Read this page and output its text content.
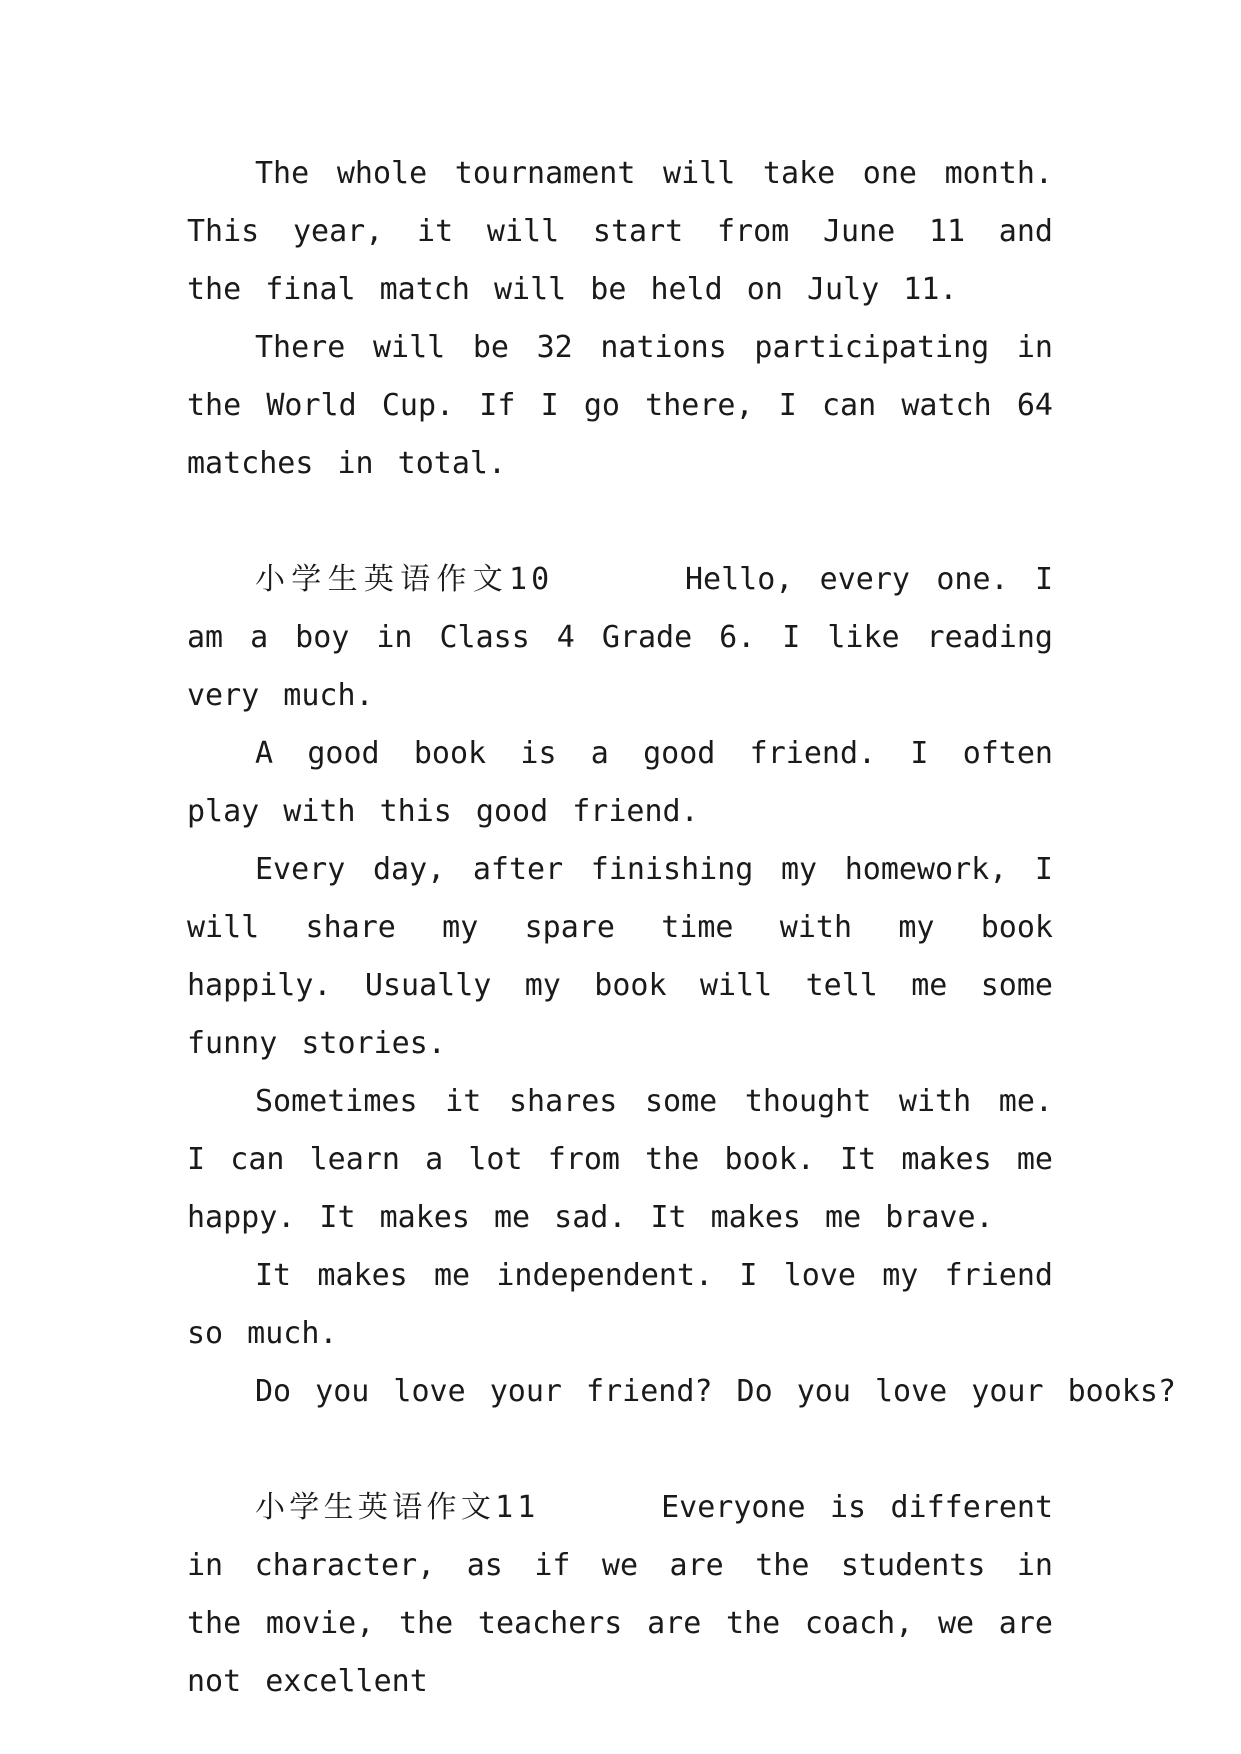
The whole tournament will take one month. This year, it will start from June 11 and the final match will be held on July 11.

There will be 32 nations participating in the World Cup. If I go there, I can watch 64 matches in total.

小学生英语作文10	Hello, every one. I am a boy in Class 4 Grade 6. I like reading very much.

A good book is a good friend. I often play with this good friend.

Every day, after finishing my homework, I will share my spare time with my book happily. Usually my book will tell me some funny stories.

Sometimes it shares some thought with me. I can learn a lot from the book. It makes me happy. It makes me sad. It makes me brave.

It makes me independent. I love my friend so much.

Do you love your friend? Do you love your books?

小学生英语作文11	Everyone is different in character, as if we are the students in the movie, the teachers are the coach, we are not excellent
